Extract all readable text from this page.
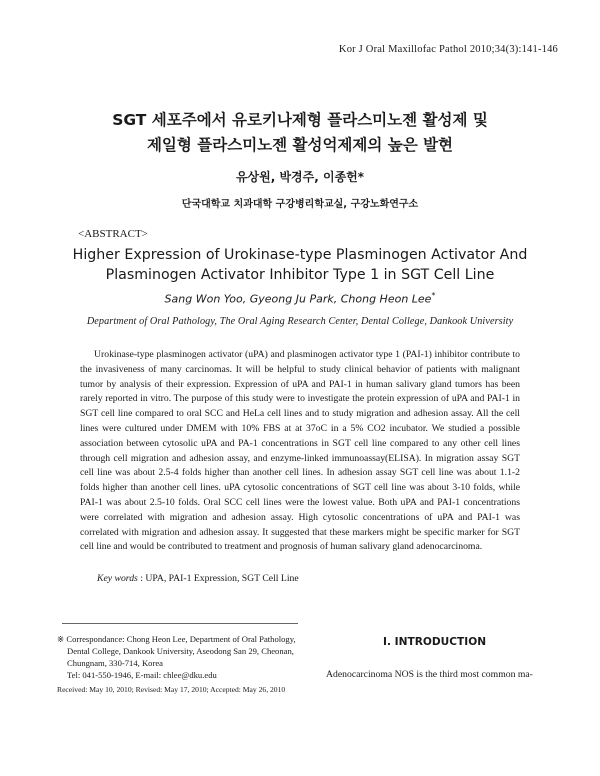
Kor J Oral Maxillofac Pathol 2010;34(3):141-146
SGT 세포주에서 유로키나제형 플라스미노젠 활성제 및
제일형 플라스미노젠 활성억제제의 높은 발현
유상원, 박경주, 이종헌*
단국대학교 치과대학 구강병리학교실, 구강노화연구소
<ABSTRACT>
Higher Expression of Urokinase-type Plasminogen Activator And
Plasminogen Activator Inhibitor Type 1 in SGT Cell Line
Sang Won Yoo, Gyeong Ju Park, Chong Heon Lee*
Department of Oral Pathology, The Oral Aging Research Center, Dental College, Dankook University

Urokinase-type plasminogen activator (uPA) and plasminogen activator type 1 (PAI-1) inhibitor contribute to the invasiveness of many carcinomas. It will be helpful to study clinical behavior of patients with malignant tumor by analysis of their expression. Expression of uPA and PAI-1 in human salivary gland tumors has been rarely reported in vitro. The purpose of this study were to investigate the protein expression of uPA and PAI-1 in SGT cell line compared to oral SCC and HeLa cell lines and to study migration and adhesion assay. All the cell lines were cultured under DMEM with 10% FBS at at 37oC in a 5% CO2 incubator. We studied a possible association between cytosolic uPA and PA-1 concentrations in SGT cell line compared to any other cell lines through cell migration and adhesion assay, and enzyme-linked immunoassay(ELISA). In migration assay SGT cell line was about 2.5-4 folds higher than another cell lines. In adhesion assay SGT cell line was about 1.1-2 folds higher than another cell lines. uPA cytosolic concentrations of SGT cell line was about 3-10 folds, while PAI-1 was about 2.5-10 folds. Oral SCC cell lines were the lowest value. Both uPA and PAI-1 concentrations were correlated with migration and adhesion assay. High cytosolic concentrations of uPA and PAI-1 was correlated with migration and adhesion assay. It suggested that these markers might be specific marker for SGT cell line and would be contributed to treatment and prognosis of human salivary gland adenocarcinoma.

Key words : UPA, PAI-1 Expression, SGT Cell Line
※ Correspondance: Chong Heon Lee, Department of Oral Pathology, Dental College, Dankook University, Aseodong San 29, Cheonan, Chungnam, 330-714, Korea
Tel: 041-550-1946, E-mail: chlee@dku.edu
Received: May 10, 2010; Revised: May 17, 2010; Accepted: May 26, 2010
I. INTRODUCTION
Adenocarcinoma NOS is the third most common ma-
